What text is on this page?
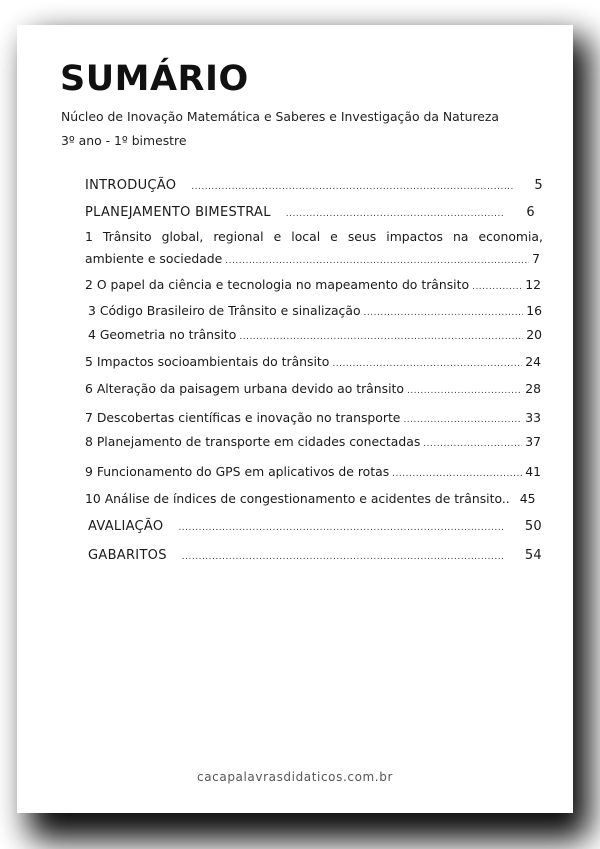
SUMÁRIO
Núcleo de Inovação Matemática e Saberes e Investigação da Natureza
3º ano - 1º bimestre
INTRODUÇÃO .....	5
PLANEJAMENTO BIMESTRAL .....	6
1 Trânsito global, regional e local e seus impactos na economia,
ambiente e sociedade .....	7
2 O papel da ciência e tecnologia no mapeamento do trânsito .....	12
3 Código Brasileiro de Trânsito e sinalização .....	16
4 Geometria no trânsito .....	20
5 Impactos socioambientais do trânsito .....	24
6 Alteração da paisagem urbana devido ao trânsito .....	28
7 Descobertas científicas e inovação no transporte .....	33
8 Planejamento de transporte em cidades conectadas .....	37
9 Funcionamento do GPS em aplicativos de rotas .....	41
10 Análise de índices de congestionamento e acidentes de trânsito.. 45
AVALIAÇÃO .....	50
GABARITOS .....	54
cacapalavrasdidaticos.com.br
